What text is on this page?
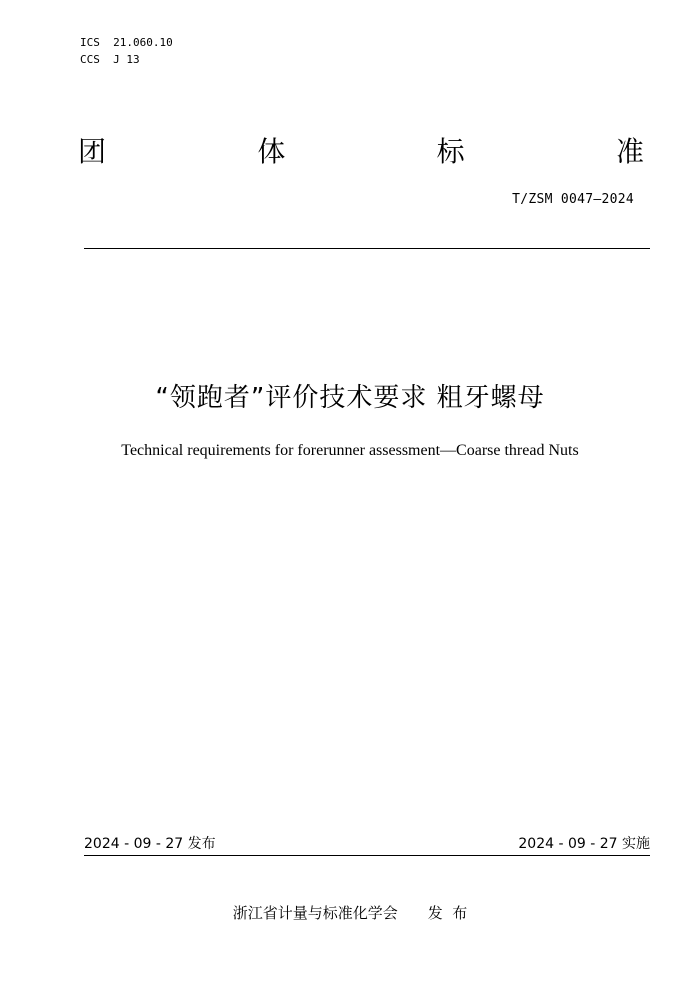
ICS  21.060.10
CCS  J 13
团	体	标	准
T/ZSM 0047—2024
“领跑者”评价技术要求 粗牙螺母
Technical requirements for forerunner assessment—Coarse thread Nuts
2024 - 09 - 27 发布	2024 - 09 - 27 实施
浙江省计量与标准化学会 发  布
